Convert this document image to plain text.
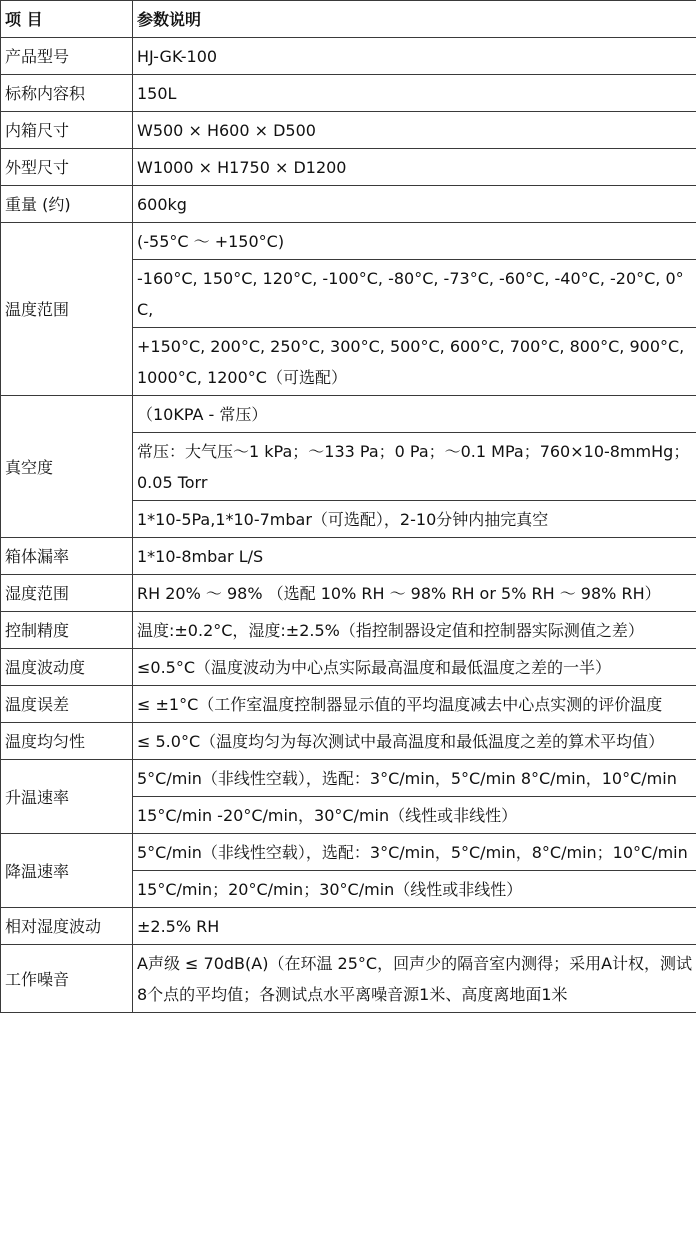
项 目	参数说明
产品型号	HJ-GK-100
标称内容积	150L
内箱尺寸	W500 × H600 × D500
外型尺寸	W1000 × H1750 × D1200
重量 (约)	600kg
温度范围	(-55°C ～ +150°C)
	-160°C, 150°C, 120°C, -100°C, -80°C, -73°C, -60°C, -40°C, -20°C, 0°C,
	+150°C, 200°C, 250°C, 300°C, 500°C, 600°C, 700°C, 800°C, 900°C, 1000°C, 1200°C（可选配）
真空度	（10KPA - 常压）
	常压：大气压～1 kPa；～133 Pa；0 Pa；～0.1 MPa；760×10-8mmHg；0.05 Torr
	1*10-5Pa,1*10-7mbar（可选配），2-10分钟内抽完真空
箱体漏率	1*10-8mbar L/S
湿度范围	RH 20% ～ 98% （选配 10% RH ～ 98% RH or 5% RH ～ 98% RH）
控制精度	温度:±0.2°C，湿度:±2.5%（指控制器设定值和控制器实际测值之差）
温度波动度	≤0.5°C（温度波动为中心点实际最高温度和最低温度之差的一半）
温度误差	≤ ±1°C（工作室温度控制器显示值的平均温度减去中心点实测的评价温度
温度均匀性	≤ 5.0°C（温度均匀为每次测试中最高温度和最低温度之差的算术平均值）
升温速率	5°C/min（非线性空载），选配：3°C/min，5°C/min 8°C/min，10°C/min
	15°C/min -20°C/min，30°C/min（线性或非线性）
降温速率	5°C/min（非线性空载），选配：3°C/min，5°C/min，8°C/min；10°C/min
	15°C/min；20°C/min；30°C/min（线性或非线性）
相对湿度波动	±2.5% RH
工作噪音	A声级 ≤ 70dB(A)（在环温 25°C，回声少的隔音室内测得；采用A计权，测试8个点的平均值；各测试点水平离噪音源1米、高度离地面1米
